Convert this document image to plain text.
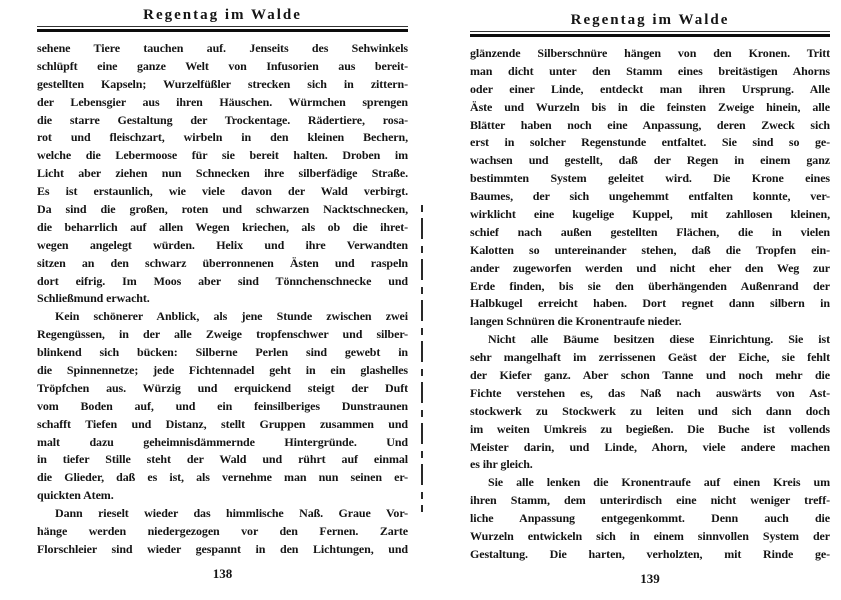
Regentag im Walde
sehene Tiere tauchen auf. Jenseits des Sehwinkels
schlüpft eine ganze Welt von Infusorien aus bereit-
gestellten Kapseln; Wurzelfüßler strecken sich in zittern-
der Lebensgier aus ihren Häuschen. Würmchen sprengen
die starre Gestaltung der Trockentage. Rädertiere, rosa-
rot und fleischzart, wirbeln in den kleinen Bechern,
welche die Lebermoose für sie bereit halten. Droben im
Licht aber ziehen nun Schnecken ihre silberfädige Straße.
Es ist erstaunlich, wie viele davon der Wald verbirgt.
Da sind die großen, roten und schwarzen Nacktschnecken,
die beharrlich auf allen Wegen kriechen, als ob die ihret-
wegen angelegt würden. Helix und ihre Verwandten
sitzen an den schwarz überronnenen Ästen und raspeln
dort eifrig. Im Moos aber sind Tönnchenschnecke und
Schließmund erwacht.
Kein schönerer Anblick, als jene Stunde zwischen zwei
Regengüssen, in der alle Zweige tropfenschwer und silber-
blinkend sich bücken: Silberne Perlen sind gewebt in
die Spinnennetze; jede Fichtennadel geht in ein glashelles
Tröpfchen aus. Würzig und erquickend steigt der Duft
vom Boden auf, und ein feinsilberiges Dunstraunen
schafft Tiefen und Distanz, stellt Gruppen zusammen und
malt dazu geheimnisdämmernde Hintergründe. Und
in tiefer Stille steht der Wald und rührt auf einmal
die Glieder, daß es ist, als vernehme man nun seinen er-
quickten Atem.
Dann rieselt wieder das himmlische Naß. Graue Vor-
hänge werden niedergezogen vor den Fernen. Zarte
Florschleier sind wieder gespannt in den Lichtungen, und
138
Regentag im Walde
glänzende Silberschnüre hängen von den Kronen. Tritt
man dicht unter den Stamm eines breitästigen Ahorns
oder einer Linde, entdeckt man ihren Ursprung. Alle
Äste und Wurzeln bis in die feinsten Zweige hinein, alle
Blätter haben noch eine Anpassung, deren Zweck sich
erst in solcher Regenstunde entfaltet. Sie sind so ge-
wachsen und gestellt, daß der Regen in einem ganz
bestimmten System geleitet wird. Die Krone eines
Baumes, der sich ungehemmt entfalten konnte, ver-
wirklicht eine kugelige Kuppel, mit zahllosen kleinen,
schief nach außen gestellten Flächen, die in vielen
Kalotten so untereinander stehen, daß die Tropfen ein-
ander zugeworfen werden und nicht eher den Weg zur
Erde finden, bis sie den überhängenden Außenrand der
Halbkugel erreicht haben. Dort regnet dann silbern in
langen Schnüren die Kronentraufe nieder.
Nicht alle Bäume besitzen diese Einrichtung. Sie ist
sehr mangelhaft im zerrissenen Geäst der Eiche, sie fehlt
der Kiefer ganz. Aber schon Tanne und noch mehr die
Fichte verstehen es, das Naß nach auswärts von Ast-
stockwerk zu Stockwerk zu leiten und sich dann doch
im weiten Umkreis zu begießen. Die Buche ist vollends
Meister darin, und Linde, Ahorn, viele andere machen
es ihr gleich.
Sie alle lenken die Kronentraufe auf einen Kreis um
ihren Stamm, dem unterirdisch eine nicht weniger treff-
liche Anpassung entgegenkommt. Denn auch die
Wurzeln entwickeln sich in einem sinnvollen System der
Gestaltung. Die harten, verholzten, mit Rinde ge-
139
